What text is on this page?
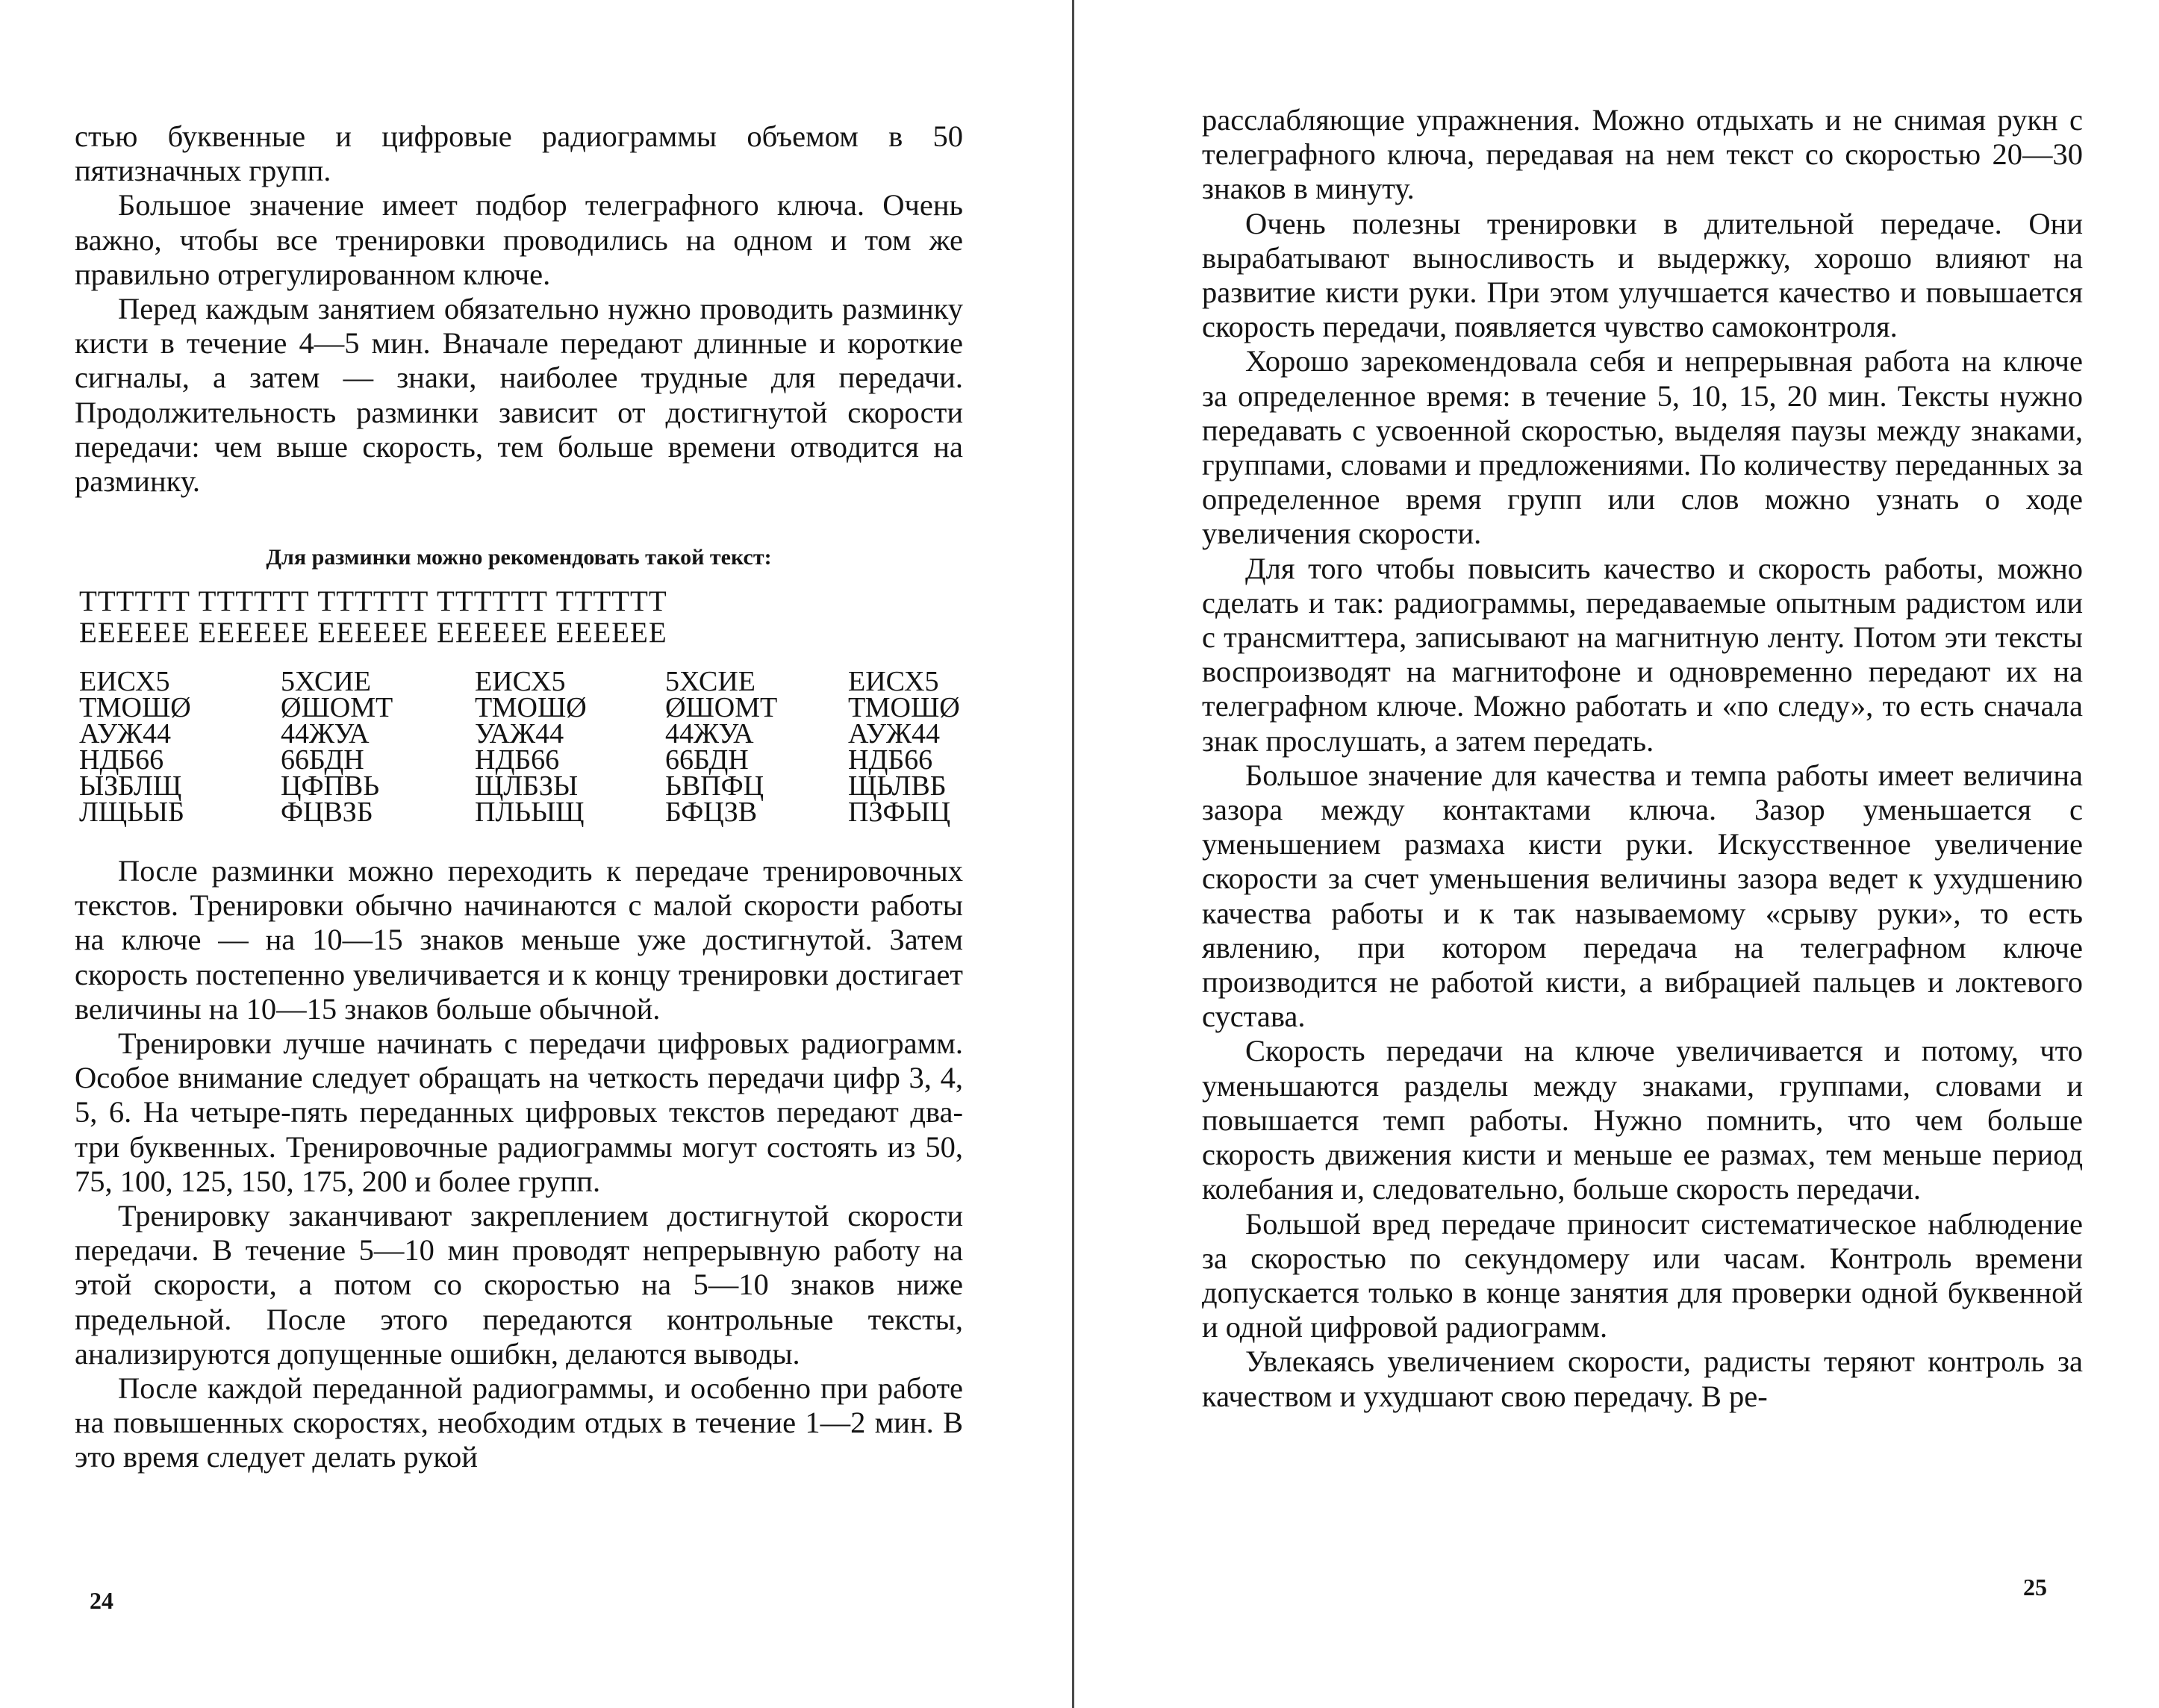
стью буквенные и цифровые радиограммы объемом в 50 пятизначных групп.

Большое значение имеет подбор телеграфного ключа. Очень важно, чтобы все тренировки проводились на одном и том же правильно отрегулированном ключе.

Перед каждым занятием обязательно нужно проводить разминку кисти в течение 4—5 мин. Вначале передают длинные и короткие сигналы, а затем — знаки, наиболее трудные для передачи. Продолжительность разминки зависит от достигнутой скорости передачи: чем выше скорость, тем больше времени отводится на разминку.

Для разминки можно рекомендовать такой текст:
ТТТТТТ ТТТТТТ ТТТТТТ ТТТТТТ ТТТТТТ
ЕЕЕЕЕЕ ЕЕЕЕЕЕ ЕЕЕЕЕЕ ЕЕЕЕЕЕ ЕЕЕЕЕЕ
ЕИСХ5	5ХСИЕ	ЕИСХ5	5ХСИЕ	ЕИСХ5
ТМОШØ	ØШОМТ	ТМОШØ	ØШОМТ	ТМОШØ
АУЖ44	44ЖУА	УАЖ44	44ЖУА	АУЖ44
НДБ66	66БДН	НДБ66	66БДН	НДБ66
ЫЗБЛЩ	ЦФПВЬ	ЩЛБЗЫ	ЬВПФЦ	ЩЬЛВБ
ЛЩЬЫБ	ФЦВЗБ	ПЛЬЫЩ	БФЦЗВ	ПЗФЫЦ

После разминки можно переходить к передаче тренировочных текстов. Тренировки обычно начинаются с малой скорости работы на ключе — на 10—15 знаков меньше уже достигнутой. Затем скорость постепенно увеличивается и к концу тренировки достигает величины на 10—15 знаков больше обычной.

Тренировки лучше начинать с передачи цифровых радиограмм. Особое внимание следует обращать на четкость передачи цифр 3, 4, 5, 6. На четыре-пять переданных цифровых текстов передают два-три буквенных. Тренировочные радиограммы могут состоять из 50, 75, 100, 125, 150, 175, 200 и более групп.

Тренировку заканчивают закреплением достигнутой скорости передачи. В течение 5—10 мин проводят непрерывную работу на этой скорости, а потом со скоростью на 5—10 знаков ниже предельной. После этого передаются контрольные тексты, анализируются допущенные ошибкн, делаются выводы.

После каждой переданной радиограммы, и особенно при работе на повышенных скоростях, необходим отдых в течение 1—2 мин. В это время следует делать рукой

24

расслабляющие упражнения. Можно отдыхать и не снимая рукн с телеграфного ключа, передавая на нем текст со скоростью 20—30 знаков в минуту.

Очень полезны тренировки в длительной передаче. Они вырабатывают выносливость и выдержку, хорошо влияют на развитие кисти руки. При этом улучшается качество и повышается скорость передачи, появляется чувство самоконтроля.

Хорошо зарекомендовала себя и непрерывная работа на ключе за определенное время: в течение 5, 10, 15, 20 мин. Тексты нужно передавать с усвоенной скоростью, выделяя паузы между знаками, группами, словами и предложениями. По количеству переданных за определенное время групп или слов можно узнать о ходе увеличения скорости.

Для того чтобы повысить качество и скорость работы, можно сделать и так: радиограммы, передаваемые опытным радистом или с трансмиттера, записывают на магнитную ленту. Потом эти тексты воспроизводят на магнитофоне и одновременно передают их на телеграфном ключе. Можно работать и «по следу», то есть сначала знак прослушать, а затем передать.

Большое значение для качества и темпа работы имеет величина зазора между контактами ключа. Зазор уменьшается с уменьшением размаха кисти руки. Искусственное увеличение скорости за счет уменьшения величины зазора ведет к ухудшению качества работы и к так называемому «срыву руки», то есть явлению, при котором передача на телеграфном ключе производится не работой кисти, а вибрацией пальцев и локтевого сустава.

Скорость передачи на ключе увеличивается и потому, что уменьшаются разделы между знаками, группами, словами и повышается темп работы. Нужно помнить, что чем больше скорость движения кисти и меньше ее размах, тем меньше период колебания и, следовательно, больше скорость передачи.

Большой вред передаче приносит систематическое наблюдение за скоростью по секундомеру или часам. Контроль времени допускается только в конце занятия для проверки одной буквенной и одной цифровой радиограмм.

Увлекаясь увеличением скорости, радисты теряют контроль за качеством и ухудшают свою передачу. В ре-

25
